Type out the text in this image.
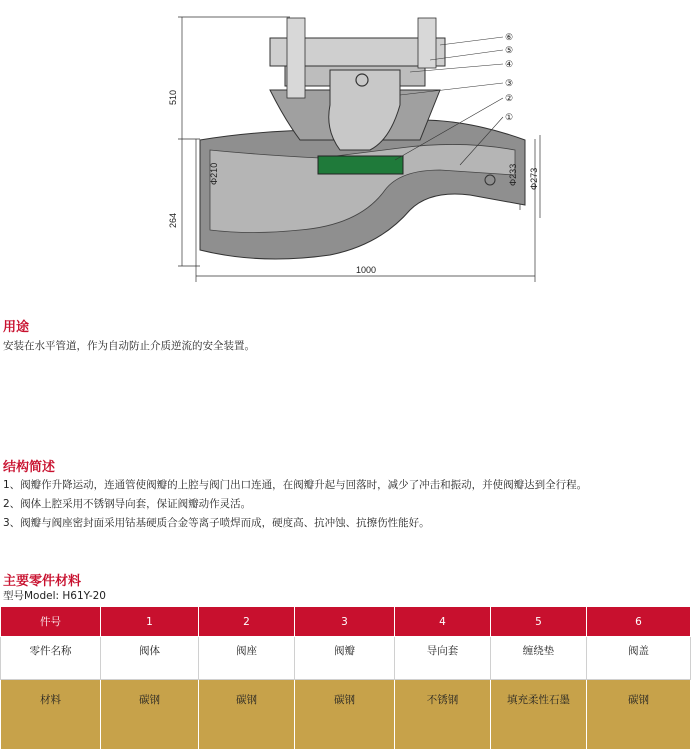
510
264
1000
Φ210	Φ233 Φ273
⑥
⑤
④
③
②
①
用途
安装在水平管道，作为自动防止介质逆流的安全装置。
结构简述
1、阀瓣作升降运动，连通管使阀瓣的上腔与阀门出口连通，在阀瓣升起与回落时，减少了冲击和振动，并使阀瓣达到全行程。
2、阀体上腔采用不锈钢导向套，保证阀瓣动作灵活。
3、阀瓣与阀座密封面采用钴基硬质合金等离子喷焊而成，硬度高、抗冲蚀、抗擦伤性能好。
主要零件材料
型号Model: H61Y-20
件号	1	2	3	4	5	6
零件名称	阀体	阀座	阀瓣	导向套	缠绕垫	阀盖
材料	碳钢	碳钢	碳钢	不锈钢	填充柔性石墨	碳钢
